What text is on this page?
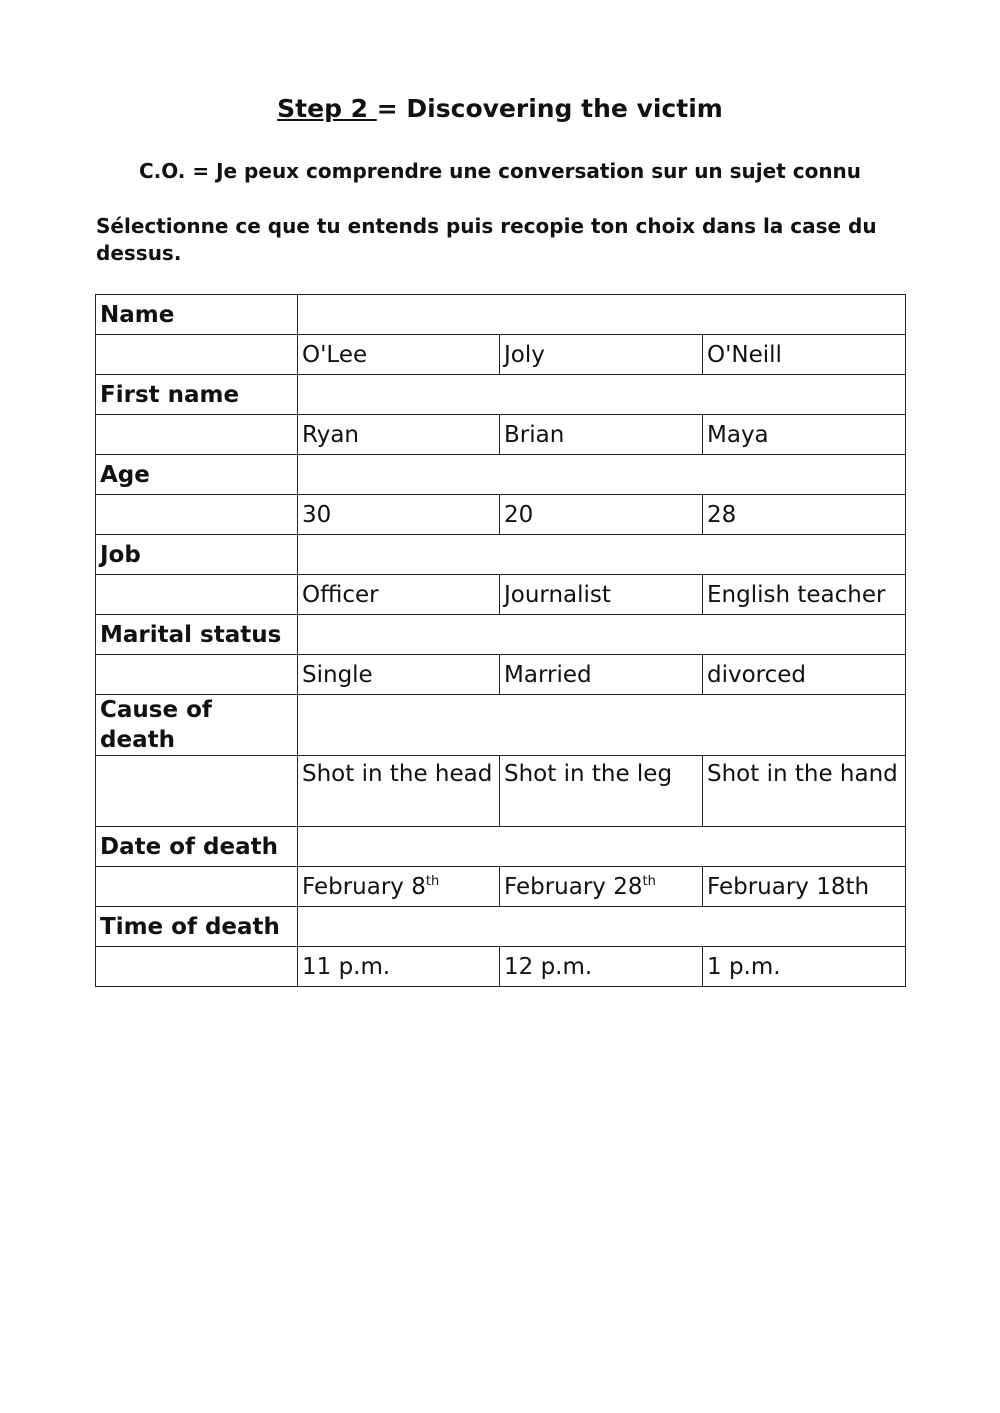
Step 2 = Discovering the victim
C.O. = Je peux comprendre une conversation sur un sujet connu
Sélectionne ce que tu entends puis recopie ton choix dans la case du dessus.
Name			
	O'Lee	Joly	O'Neill
First name			
	Ryan	Brian	Maya
Age			
	30	20	28
Job			
	Officer	Journalist	English teacher
Marital status			
	Single	Married	divorced
Cause of death			
	Shot in the head	Shot in the leg	Shot in the hand
Date of death			
	February 8th	February 28th	February 18th
Time of death			
	11 p.m.	12 p.m.	1 p.m.
